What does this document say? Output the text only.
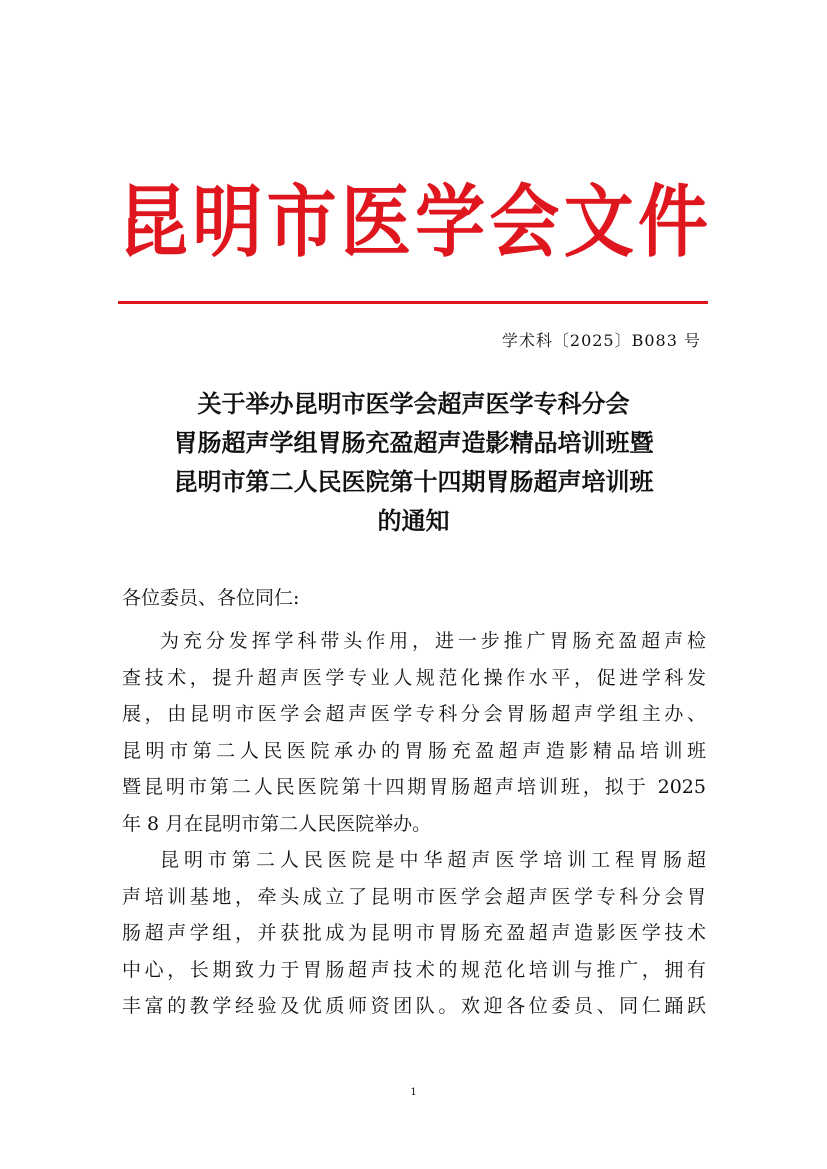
昆 明 市 医 学 会 文 件
学术科〔2025〕B083 号
关于举办昆明市医学会超声医学专科分会
胃肠超声学组胃肠充盈超声造影精品培训班暨
昆明市第二人民医院第十四期胃肠超声培训班
的通知
各位委员、各位同仁:
为充分发挥学科带头作用，进一步推广胃肠充盈超声检
查技术，提升超声医学专业人规范化操作水平，促进学科发
展，由昆明市医学会超声医学专科分会胃肠超声学组主办、
昆明市第二人民医院承办的胃肠充盈超声造影精品培训班
暨昆明市第二人民医院第十四期胃肠超声培训班，拟于 2025
年 8 月在昆明市第二人民医院举办。
昆明市第二人民医院是中华超声医学培训工程胃肠超
声培训基地，牵头成立了昆明市医学会超声医学专科分会胃
肠超声学组，并获批成为昆明市胃肠充盈超声造影医学技术
中心，长期致力于胃肠超声技术的规范化培训与推广，拥有
丰富的教学经验及优质师资团队。欢迎各位委员、同仁踊跃
1
